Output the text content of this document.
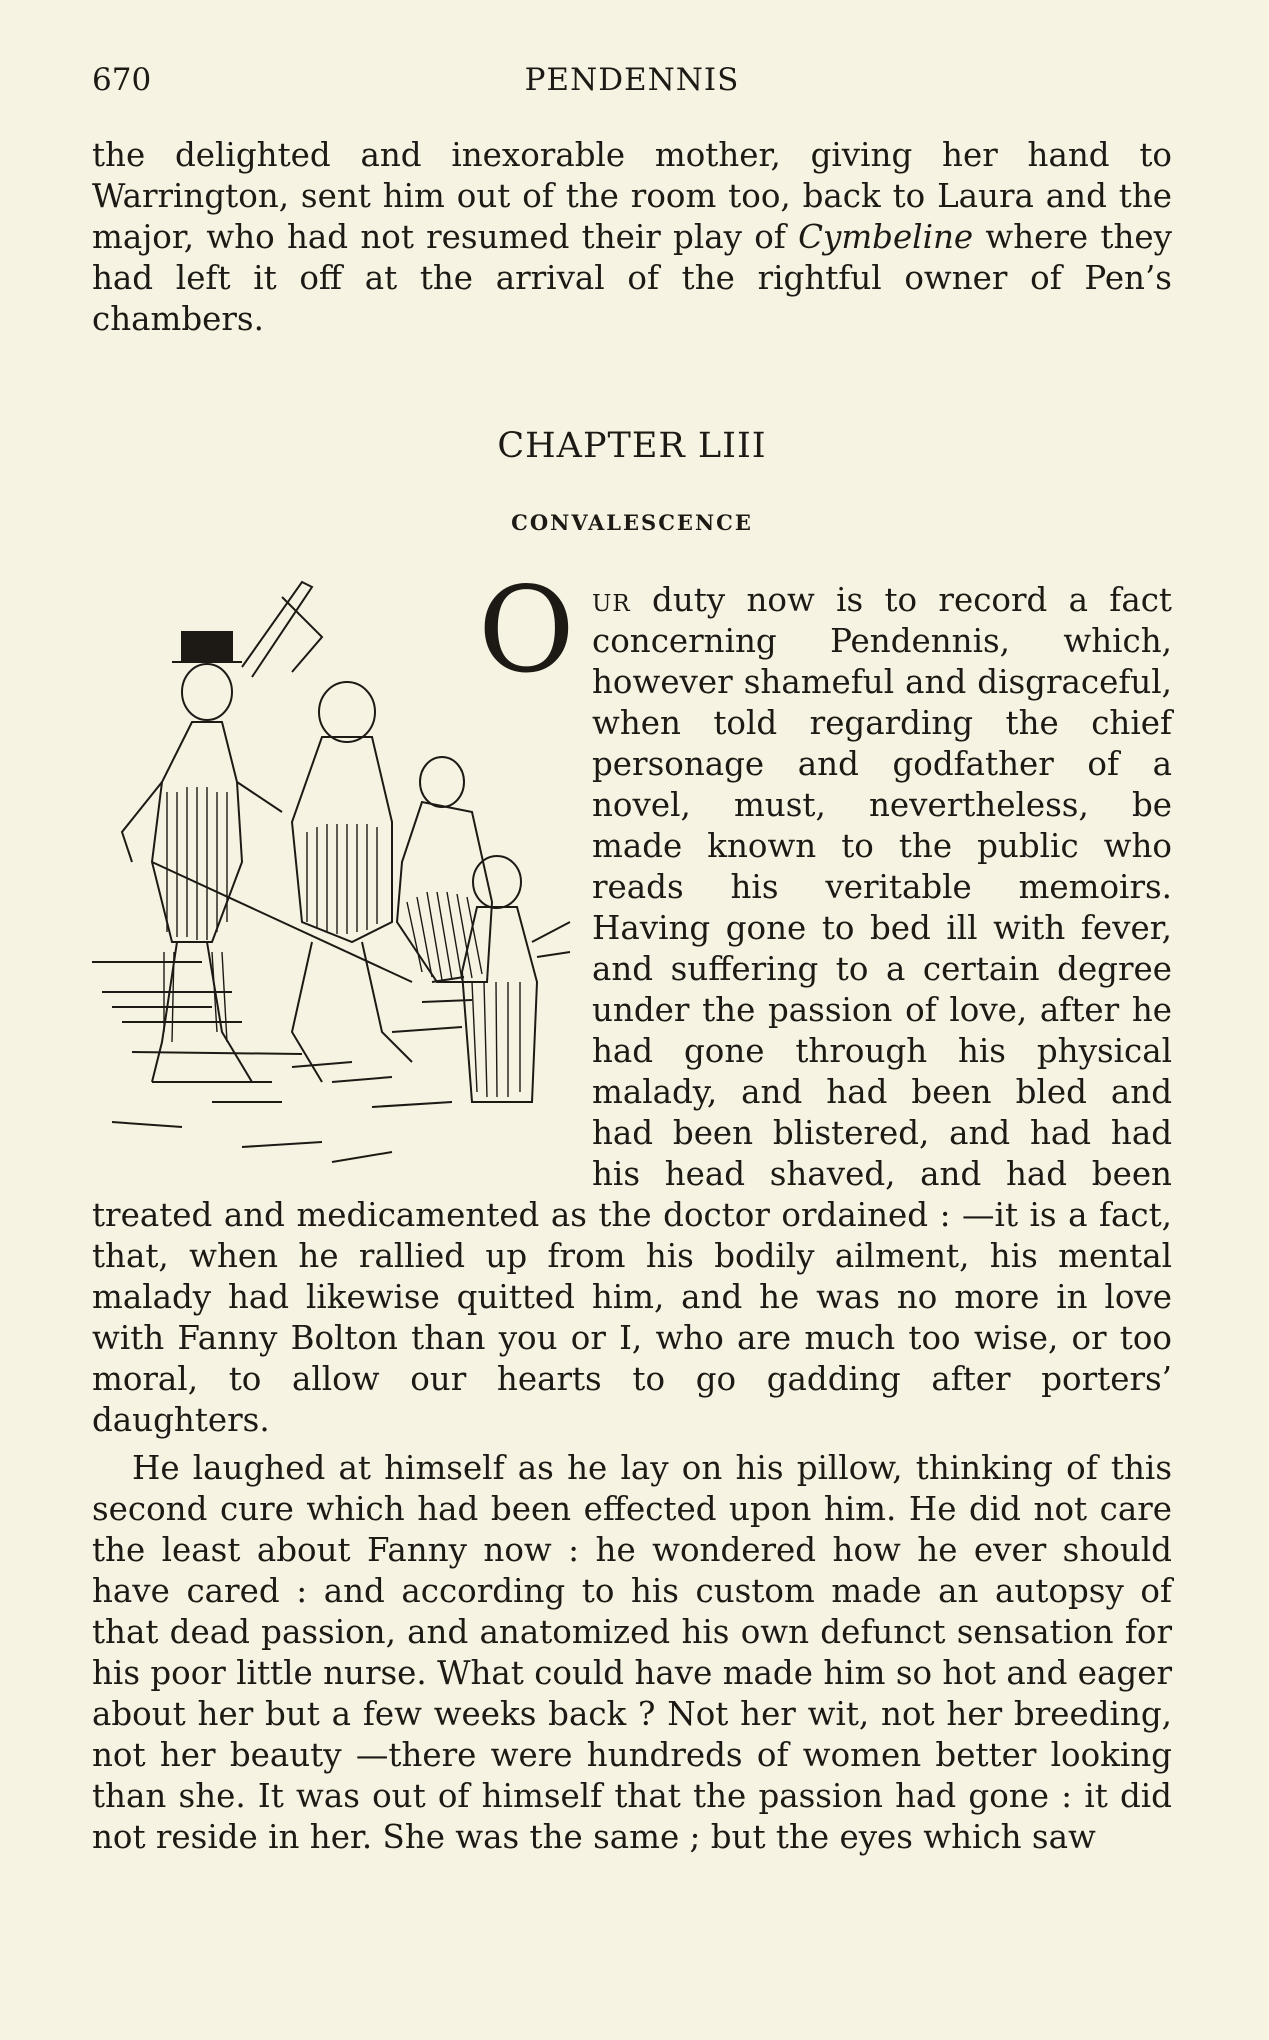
670	PENDENNIS

the delighted and inexorable mother, giving her hand to Warrington, sent him out of the room too, back to Laura and the major, who had not resumed their play of Cymbeline where they had left it off at the arrival of the rightful owner of Pen’s chambers.

CHAPTER LIII
CONVALESCENCE
O ur duty now is to record a fact concerning Pendennis, which, however shameful and disgraceful, when told regarding the chief personage and godfather of a novel, must, nevertheless, be made known to the public who reads his veritable memoirs. Having gone to bed ill with fever, and suffering to a certain degree under the passion of love, after he had gone through his physical malady, and had been bled and had been blistered, and had had his head shaved, and had been treated and medicamented as the doctor ordained : —it is a fact, that, when he rallied up from his bodily ailment, his mental malady had likewise quitted him, and he was no more in love with Fanny Bolton than you or I, who are much too wise, or too moral, to allow our hearts to go gadding after porters’ daughters.

He laughed at himself as he lay on his pillow, thinking of this second cure which had been effected upon him. He did not care the least about Fanny now : he wondered how he ever should have cared : and according to his custom made an autopsy of that dead passion, and anatomized his own defunct sensation for his poor little nurse. What could have made him so hot and eager about her but a few weeks back ? Not her wit, not her breeding, not her beauty —there were hundreds of women better looking than she. It was out of himself that the passion had gone : it did not reside in her. She was the same ; but the eyes which saw
